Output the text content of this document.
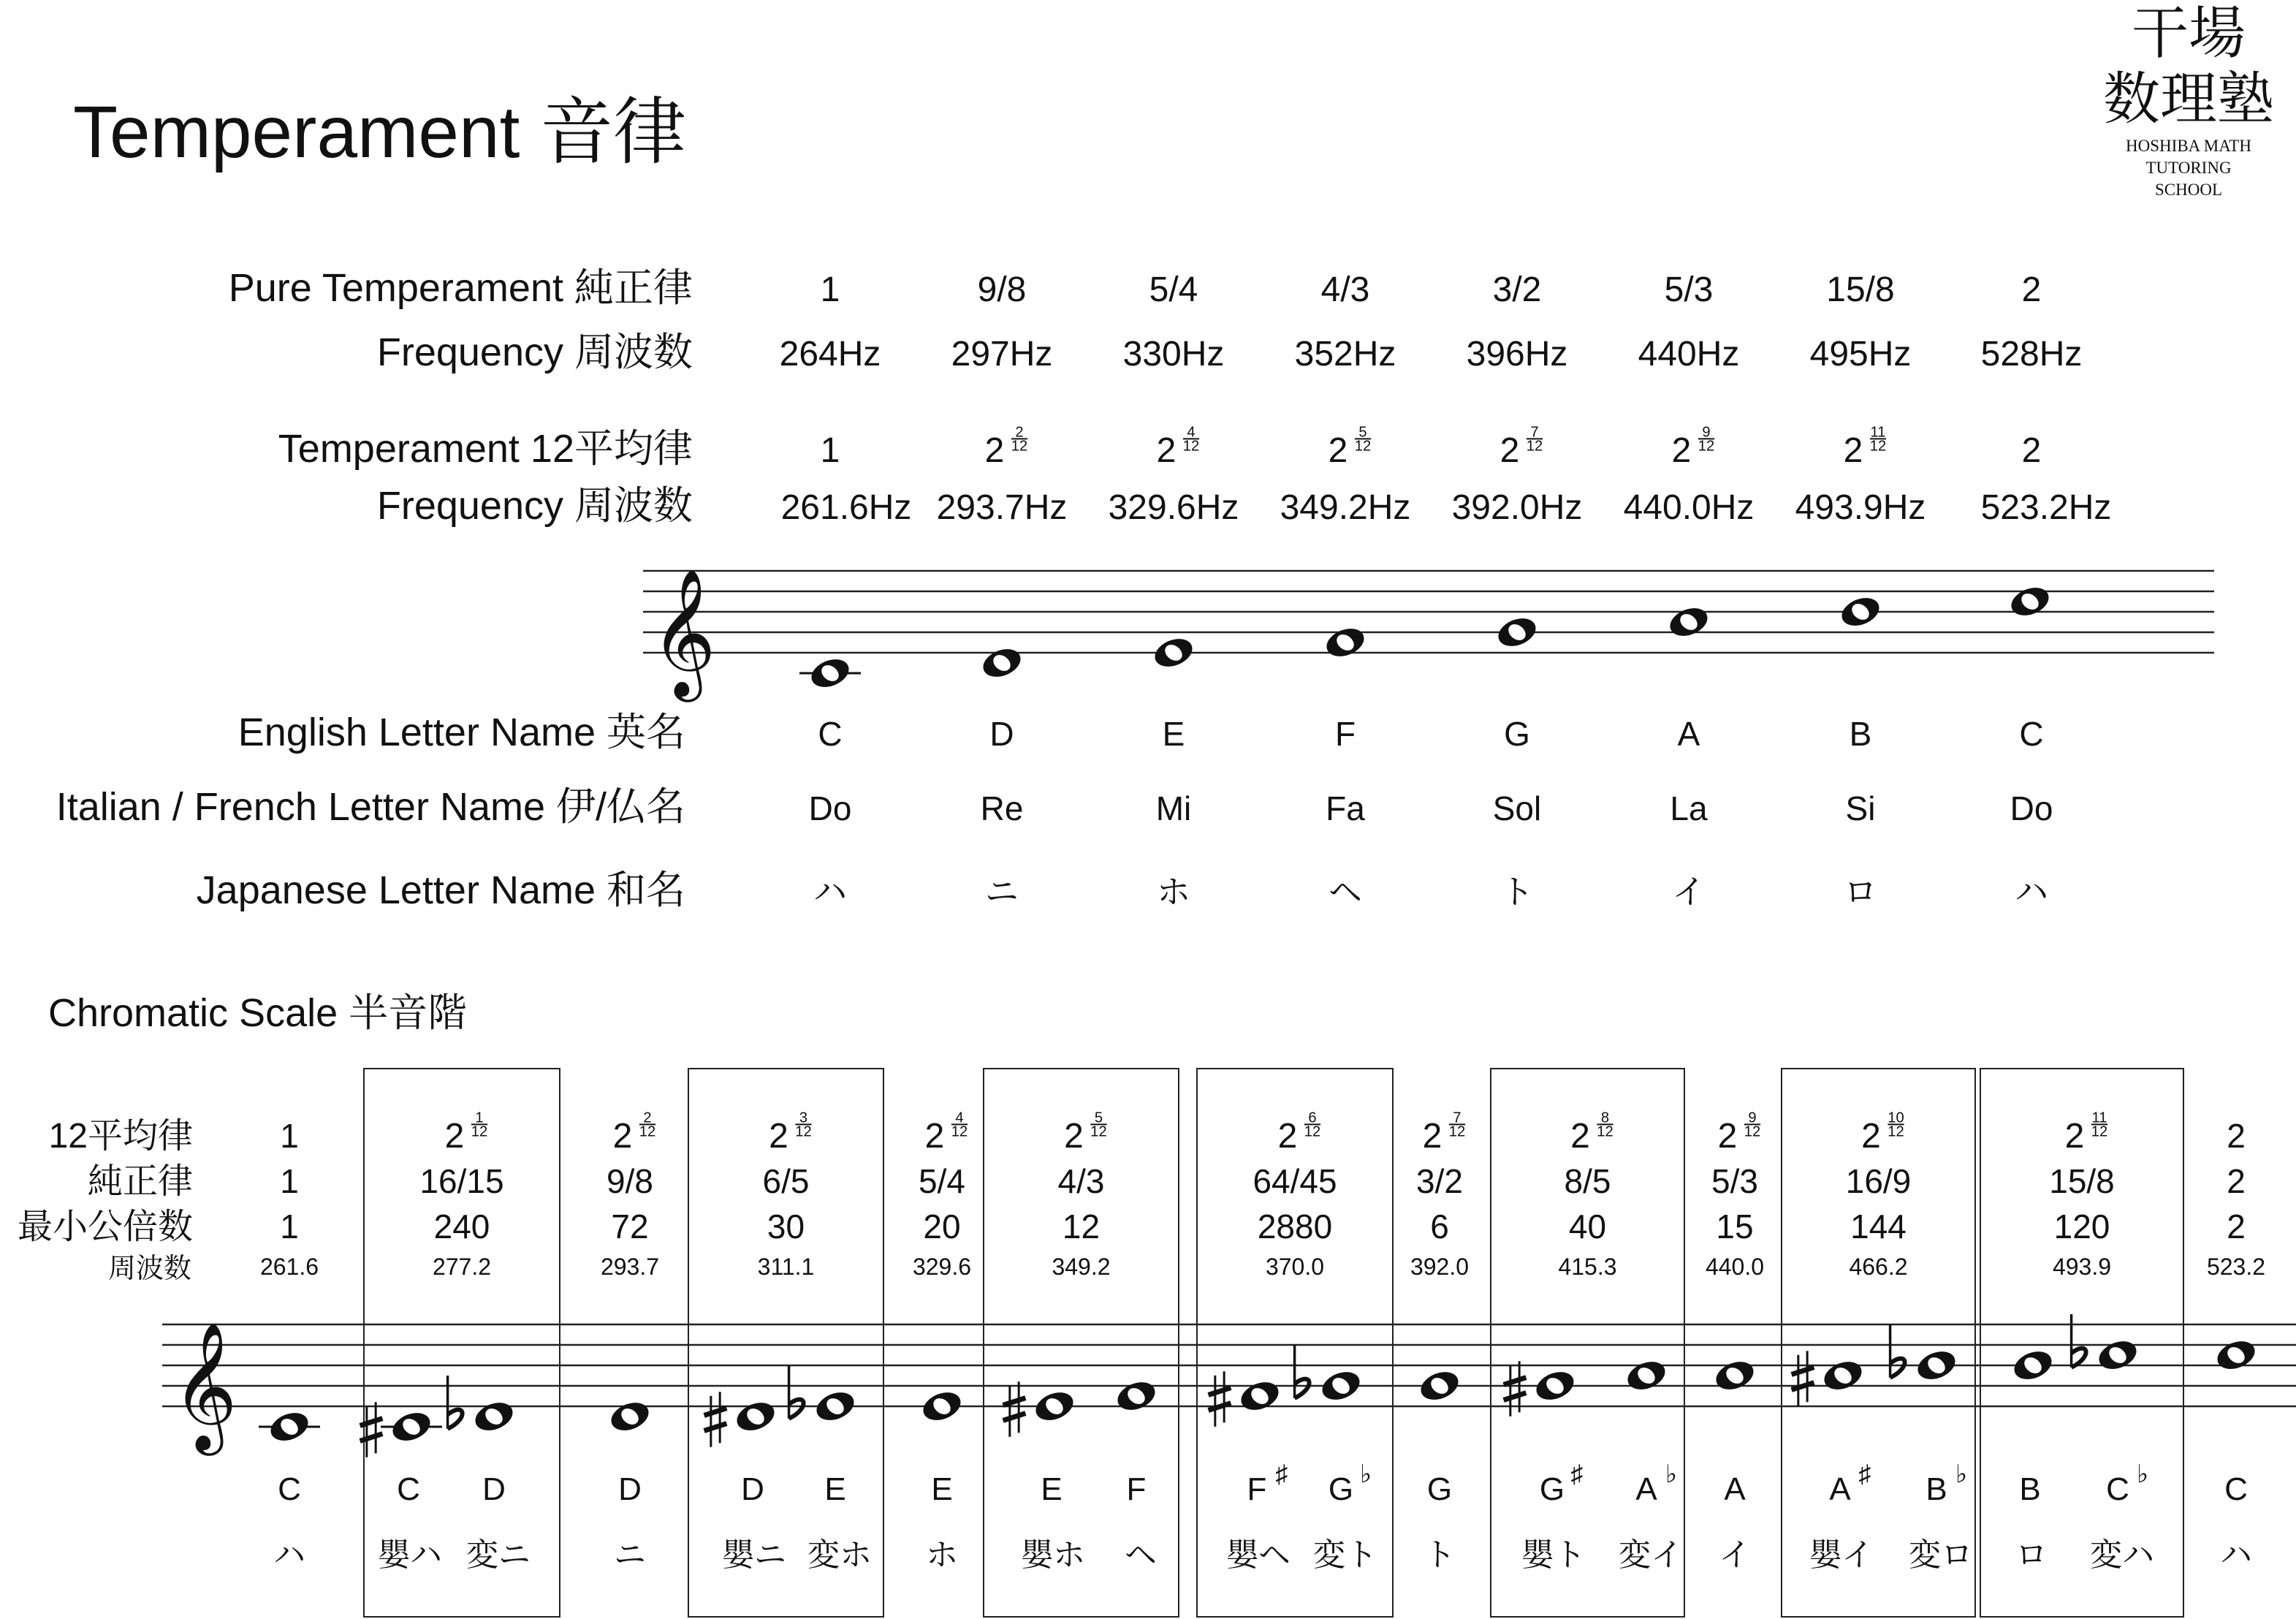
Temperament 音律
干場
数理塾
HOSHIBA MATH
TUTORING
SCHOOL
Pure Temperament 純正律
Frequency 周波数
Temperament 12平均律
Frequency 周波数
English Letter Name 英名
Italian / French Letter Name 伊/仏名
Japanese Letter Name 和名
1
264Hz
1
261.6Hz
C
Do
ハ
9/8
297Hz
2 2
12
293.7Hz
D
Re
ニ
5/4
330Hz
2 4
12
329.6Hz
E
Mi
ホ
4/3
352Hz
2 5
12
349.2Hz
F
Fa
ヘ
3/2
396Hz
2 7
12
392.0Hz
G
Sol
ト
5/3
440Hz
2 9
12
440.0Hz
A
La
イ
15/8
495Hz
2 11
12
493.9Hz
B
Si
ロ
2
528Hz
2
523.2Hz
C
Do
ハ
𝄞
Chromatic Scale 半音階
12平均律
純正律
最小公倍数
周波数
1
1
1
261.6
C
ハ
2 1
12
16/15
240
277.2
C D
嬰ハ 変ニ
2 2
12
9/8
72
293.7
D
ニ
2 3
12
6/5
30
311.1
D E
嬰ニ 変ホ
2 4
12
5/4
20
329.6
E
ホ
2 5
12
4/3
12
349.2
E F
嬰ホ ヘ
2 6
12
64/45
2880
370.0
F ♯ G ♭
嬰ヘ 変ト
2 7
12
3/2
6
392.0
G
ト
2 8
12
8/5
40
415.3
G ♯ A ♭
嬰ト 変イ
2 9
12
5/3
15
440.0
A
イ
2 10
12
16/9
144
466.2
A ♯ B ♭
嬰イ 変ロ
2 11
12
15/8
120
493.9
B C ♭
ロ 変ハ
2
2
2
523.2
C
ハ
𝄞
